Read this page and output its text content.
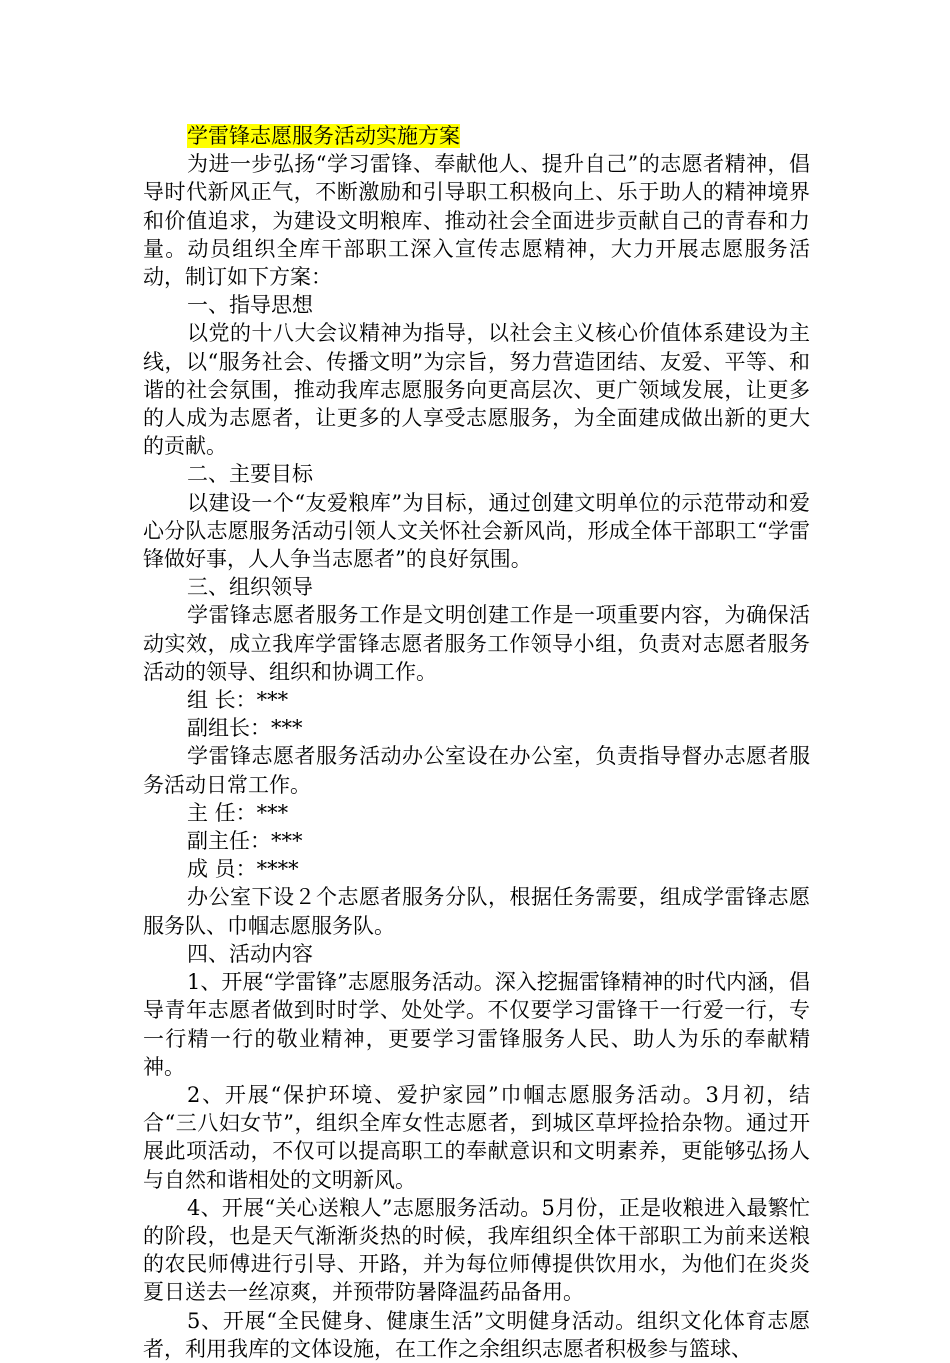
学雷锋志愿服务活动实施方案

为进一步弘扬“学习雷锋、奉献他人、提升自己”的志愿者精神，倡导时代新风正气，不断激励和引导职工积极向上、乐于助人的精神境界和价值追求，为建设文明粮库、推动社会全面进步贡献自己的青春和力量。动员组织全库干部职工深入宣传志愿精神，大力开展志愿服务活动，制订如下方案：

一、指导思想

以党的十八大会议精神为指导，以社会主义核心价值体系建设为主线，以“服务社会、传播文明”为宗旨，努力营造团结、友爱、平等、和谐的社会氛围，推动我库志愿服务向更高层次、更广领域发展，让更多的人成为志愿者，让更多的人享受志愿服务，为全面建成做出新的更大的贡献。

二、主要目标

以建设一个“友爱粮库”为目标，通过创建文明单位的示范带动和爱心分队志愿服务活动引领人文关怀社会新风尚，形成全体干部职工“学雷锋做好事，人人争当志愿者”的良好氛围。

三、组织领导

学雷锋志愿者服务工作是文明创建工作是一项重要内容，为确保活动实效，成立我库学雷锋志愿者服务工作领导小组，负责对志愿者服务活动的领导、组织和协调工作。

组 长：***

副组长：***

学雷锋志愿者服务活动办公室设在办公室，负责指导督办志愿者服务活动日常工作。

主 任：***

副主任：***

成 员：****

办公室下设２个志愿者服务分队，根据任务需要，组成学雷锋志愿服务队、巾帼志愿服务队。

四、活动内容

1、开展“学雷锋”志愿服务活动。深入挖掘雷锋精神的时代内涵，倡导青年志愿者做到时时学、处处学。不仅要学习雷锋干一行爱一行，专一行精一行的敬业精神，更要学习雷锋服务人民、助人为乐的奉献精神。

2、开展“保护环境、爱护家园”巾帼志愿服务活动。3月初，结合“三八妇女节”，组织全库女性志愿者，到城区草坪捡拾杂物。通过开展此项活动，不仅可以提高职工的奉献意识和文明素养，更能够弘扬人与自然和谐相处的文明新风。

4、开展“关心送粮人”志愿服务活动。5月份，正是收粮进入最繁忙的阶段，也是天气渐渐炎热的时候，我库组织全体干部职工为前来送粮的农民师傅进行引导、开路，并为每位师傅提供饮用水，为他们在炎炎夏日送去一丝凉爽，并预带防暑降温药品备用。

5、开展“全民健身、健康生活”文明健身活动。组织文化体育志愿者，利用我库的文体设施，在工作之余组织志愿者积极参与篮球、
